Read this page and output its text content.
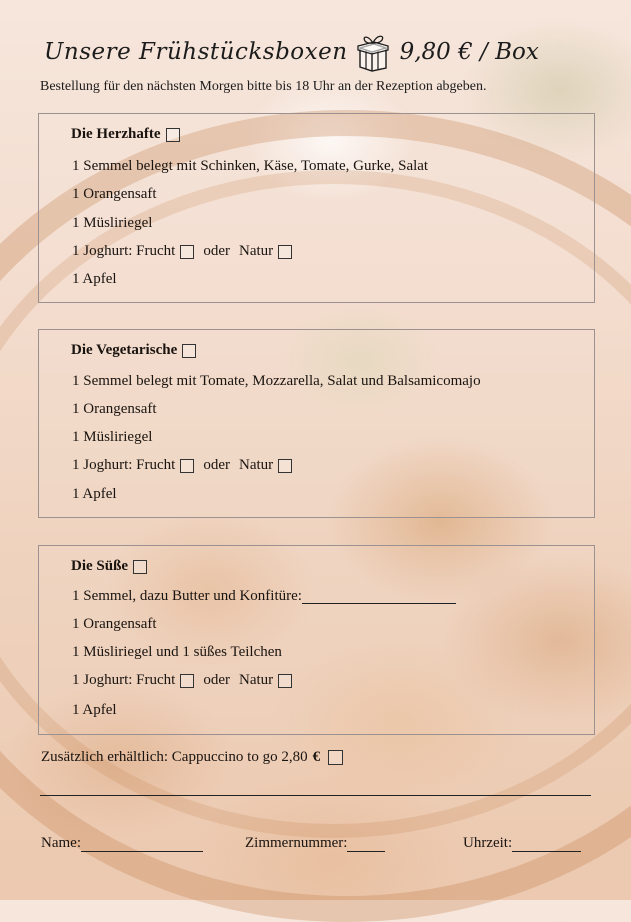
Unsere Frühstücksboxen 9,80 € / Box
Bestellung für den nächsten Morgen bitte bis 18 Uhr an der Rezeption abgeben.
Die Herzhafte
1 Semmel belegt mit Schinken, Käse, Tomate, Gurke, Salat
1 Orangensaft
1 Müsliriegel
1 Joghurt: Frucht oder Natur
1 Apfel
Die Vegetarische
1 Semmel belegt mit Tomate, Mozzarella, Salat und Balsamicomajo
1 Orangensaft
1 Müsliriegel
1 Joghurt: Frucht oder Natur
1 Apfel
Die Süße
1 Semmel, dazu Butter und Konfitüre:
1 Orangensaft
1 Müsliriegel und 1 süßes Teilchen
1 Joghurt: Frucht oder Natur
1 Apfel
Zusätzlich erhältlich: Cappuccino to go 2,80 €
Name:	Zimmernummer:	Uhrzeit:
